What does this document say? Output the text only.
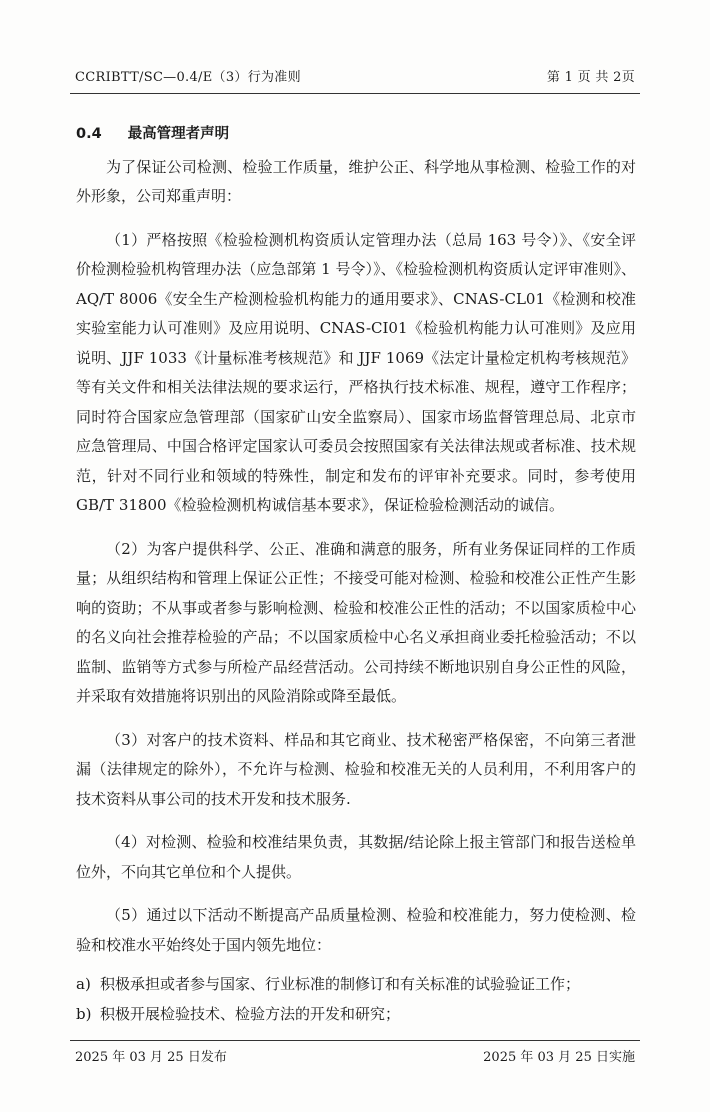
CCRIBTT/SC—0.4/E（3）行为准则	第 1 页 共 2页
0.4 最高管理者声明

为了保证公司检测、检验工作质量，维护公正、科学地从事检测、检验工作的对外形象，公司郑重声明：

（1）严格按照《检验检测机构资质认定管理办法（总局 163 号令）》、《安全评价检测检验机构管理办法（应急部第 1 号令）》、《检验检测机构资质认定评审准则》、AQ/T 8006《安全生产检测检验机构能力的通用要求》、CNAS-CL01《检测和校准实验室能力认可准则》及应用说明、CNAS-CI01《检验机构能力认可准则》及应用说明、JJF 1033《计量标准考核规范》和 JJF 1069《法定计量检定机构考核规范》等有关文件和相关法律法规的要求运行，严格执行技术标准、规程，遵守工作程序；同时符合国家应急管理部（国家矿山安全监察局）、国家市场监督管理总局、北京市应急管理局、中国合格评定国家认可委员会按照国家有关法律法规或者标准、技术规范，针对不同行业和领域的特殊性，制定和发布的评审补充要求。同时，参考使用 GB/T 31800《检验检测机构诚信基本要求》，保证检验检测活动的诚信。

（2）为客户提供科学、公正、准确和满意的服务，所有业务保证同样的工作质量；从组织结构和管理上保证公正性；不接受可能对检测、检验和校准公正性产生影响的资助；不从事或者参与影响检测、检验和校准公正性的活动；不以国家质检中心的名义向社会推荐检验的产品；不以国家质检中心名义承担商业委托检验活动；不以监制、监销等方式参与所检产品经营活动。公司持续不断地识别自身公正性的风险，并采取有效措施将识别出的风险消除或降至最低。

（3）对客户的技术资料、样品和其它商业、技术秘密严格保密，不向第三者泄漏（法律规定的除外），不允许与检测、检验和校准无关的人员利用，不利用客户的技术资料从事公司的技术开发和技术服务.

（4）对检测、检验和校准结果负责，其数据/结论除上报主管部门和报告送检单位外，不向其它单位和个人提供。

（5）通过以下活动不断提高产品质量检测、检验和校准能力，努力使检测、检验和校准水平始终处于国内领先地位：

a) 积极承担或者参与国家、行业标准的制修订和有关标准的试验验证工作；
b) 积极开展检验技术、检验方法的开发和研究；
2025 年 03 月 25 日发布	2025 年 03 月 25 日实施
